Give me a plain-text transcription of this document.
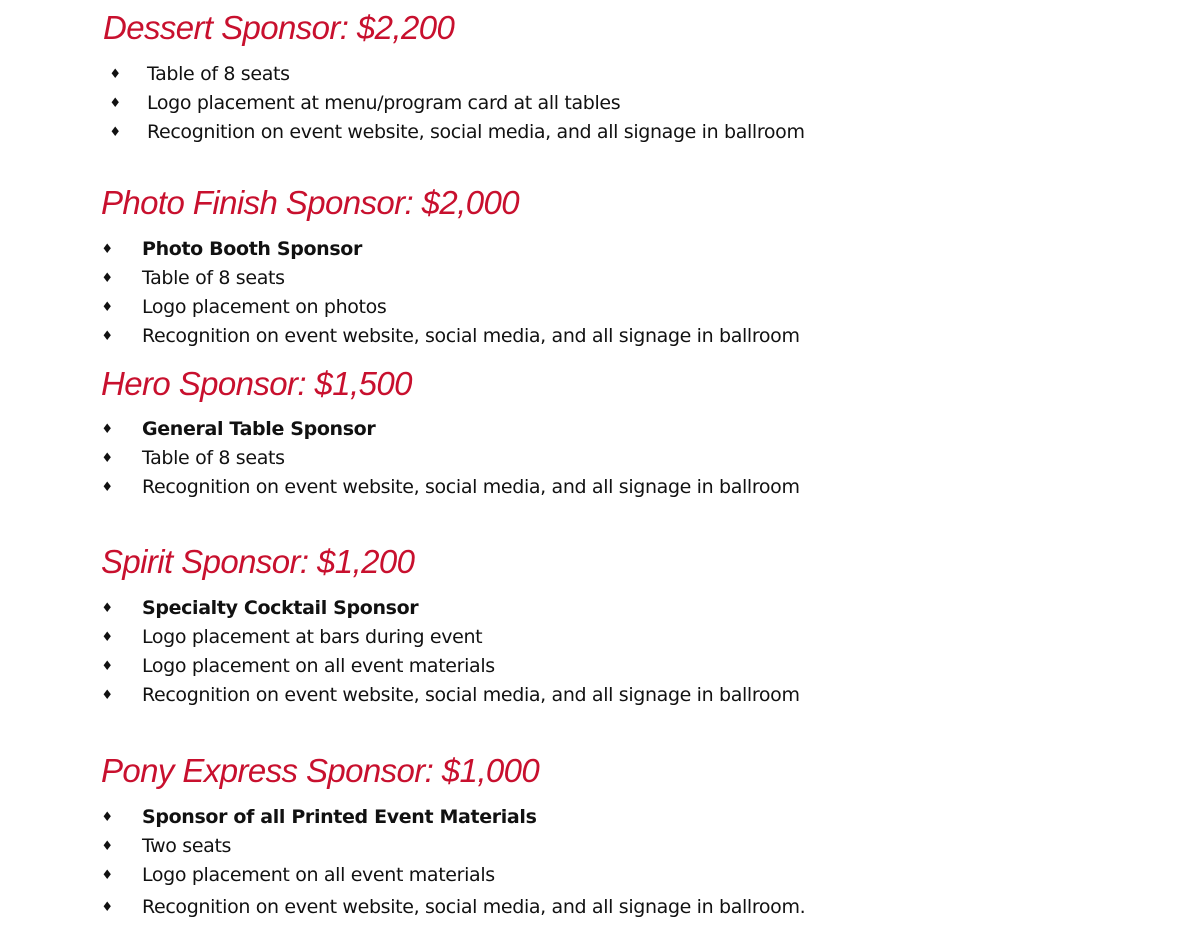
Dessert Sponsor: $2,200
♦ Table of 8 seats
♦ Logo placement at menu/program card at all tables
♦ Recognition on event website, social media, and all signage in ballroom
Photo Finish Sponsor: $2,000
♦ Photo Booth Sponsor
♦ Table of 8 seats
♦ Logo placement on photos
♦ Recognition on event website, social media, and all signage in ballroom
Hero Sponsor: $1,500
♦ General Table Sponsor
♦ Table of 8 seats
♦ Recognition on event website, social media, and all signage in ballroom
Spirit Sponsor: $1,200
♦ Specialty Cocktail Sponsor
♦ Logo placement at bars during event
♦ Logo placement on all event materials
♦ Recognition on event website, social media, and all signage in ballroom
Pony Express Sponsor: $1,000
♦ Sponsor of all Printed Event Materials
♦ Two seats
♦ Logo placement on all event materials
♦ Recognition on event website, social media, and all signage in ballroom.
